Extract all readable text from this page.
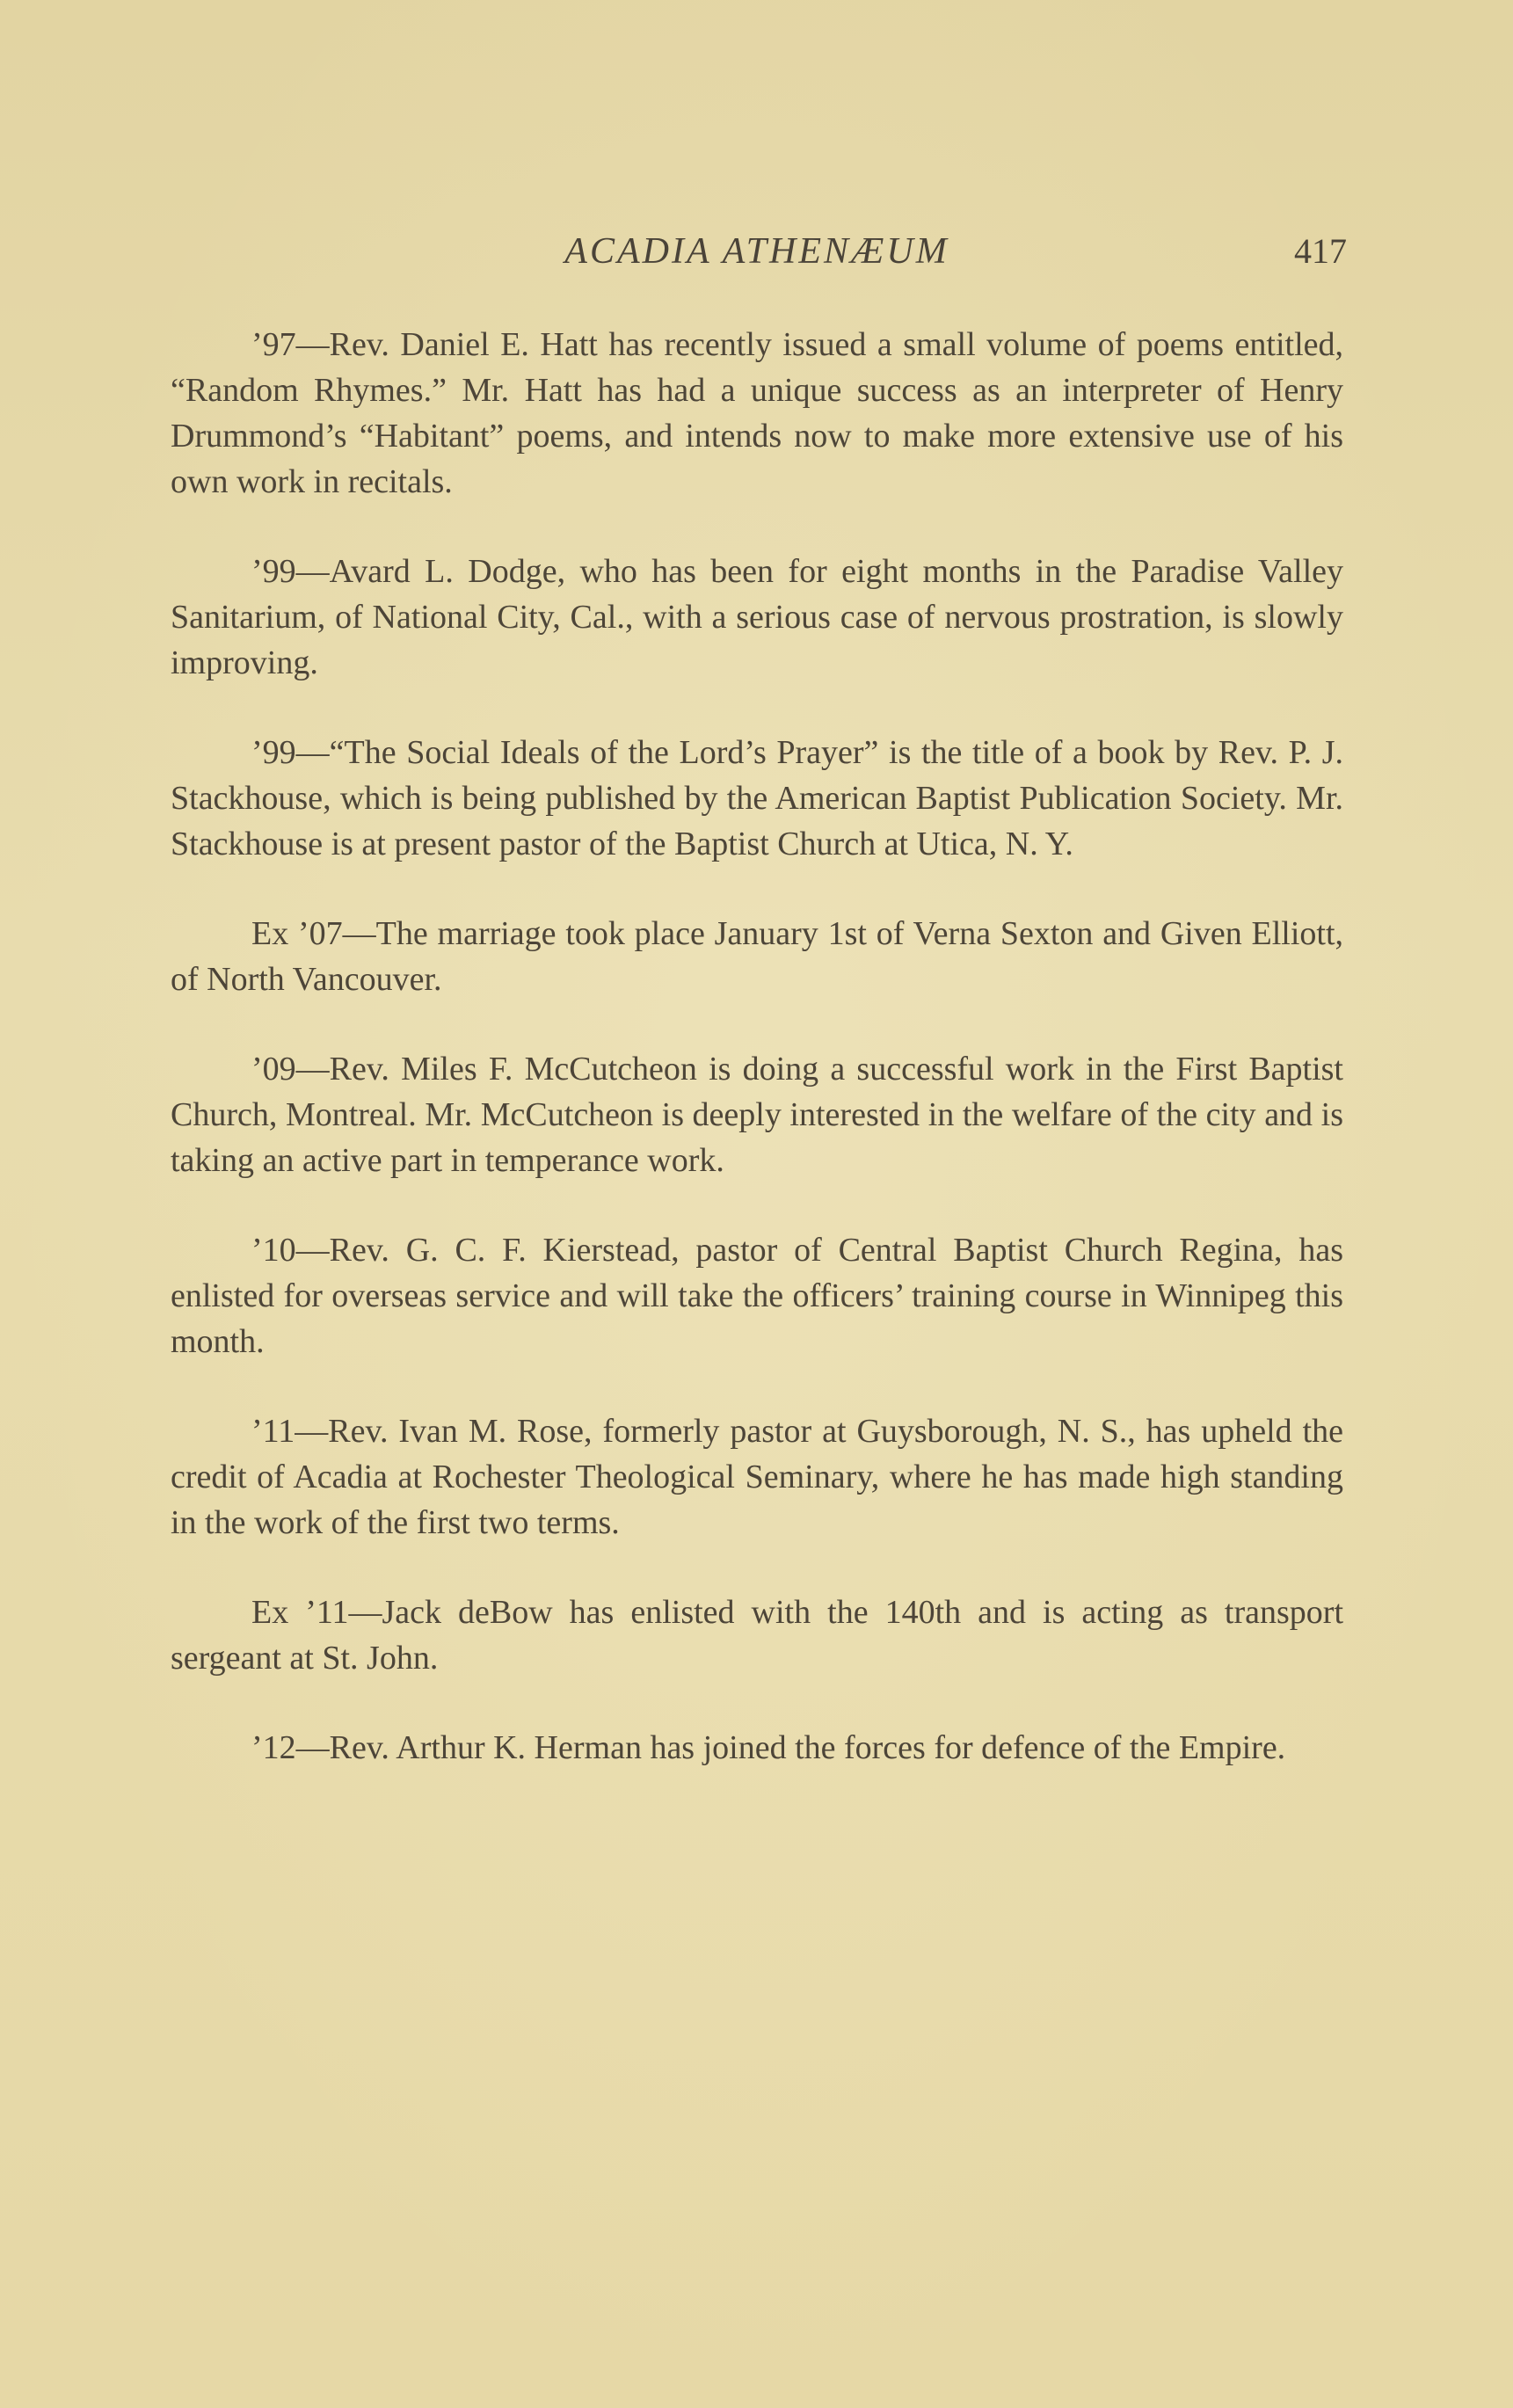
ACADIA ATHENÆUM	417

’97—Rev. Daniel E. Hatt has recently issued a small volume of poems entitled, “Random Rhymes.” Mr. Hatt has had a unique success as an interpreter of Henry Drummond’s “Habitant” poems, and intends now to make more extensive use of his own work in recitals.

’99—Avard L. Dodge, who has been for eight months in the Paradise Valley Sanitarium, of National City, Cal., with a serious case of nervous prostration, is slowly improving.

’99—“The Social Ideals of the Lord’s Prayer” is the title of a book by Rev. P. J. Stackhouse, which is being published by the American Baptist Publication Society. Mr. Stackhouse is at present pastor of the Baptist Church at Utica, N. Y.

Ex ’07—The marriage took place January 1st of Verna Sexton and Given Elliott, of North Vancouver.

’09—Rev. Miles F. McCutcheon is doing a successful work in the First Baptist Church, Montreal. Mr. McCutcheon is deeply interested in the welfare of the city and is taking an active part in temperance work.

’10—Rev. G. C. F. Kierstead, pastor of Central Baptist Church Regina, has enlisted for overseas service and will take the officers’ training course in Winnipeg this month.

’11—Rev. Ivan M. Rose, formerly pastor at Guysborough, N. S., has upheld the credit of Acadia at Rochester Theological Seminary, where he has made high standing in the work of the first two terms.

Ex ’11—Jack deBow has enlisted with the 140th and is acting as transport sergeant at St. John.

’12—Rev. Arthur K. Herman has joined the forces for defence of the Empire.
